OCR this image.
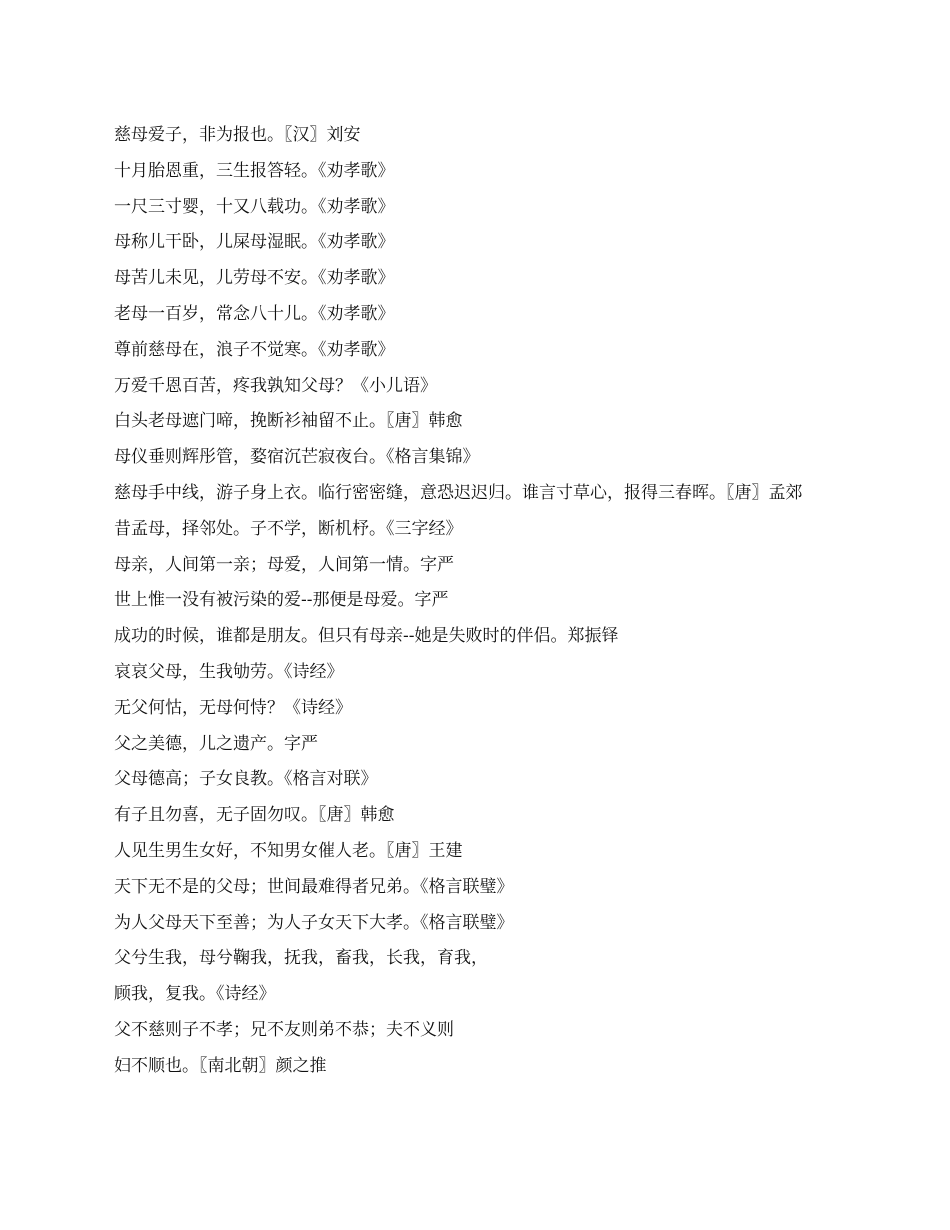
慈母爱子，非为报也。〖汉〗刘安

十月胎恩重，三生报答轻。《劝孝歌》

一尺三寸婴，十又八载功。《劝孝歌》

母称儿干卧，儿屎母湿眠。《劝孝歌》

母苦儿未见，儿劳母不安。《劝孝歌》

老母一百岁，常念八十儿。《劝孝歌》

尊前慈母在，浪子不觉寒。《劝孝歌》

万爱千恩百苦，疼我孰知父母？《小儿语》

白头老母遮门啼，挽断衫袖留不止。〖唐〗韩愈

母仪垂则辉彤管，婺宿沉芒寂夜台。《格言集锦》

慈母手中线，游子身上衣。临行密密缝，意恐迟迟归。谁言寸草心，报得三春晖。〖唐〗孟郊

昔孟母，择邻处。子不学，断机杼。《三字经》

母亲，人间第一亲；母爱，人间第一情。字严

世上惟一没有被污染的爱--那便是母爱。字严

成功的时候，谁都是朋友。但只有母亲--她是失败时的伴侣。郑振铎

哀哀父母，生我劬劳。《诗经》

无父何怙，无母何恃？《诗经》

父之美德，儿之遗产。字严

父母德高；子女良教。《格言对联》

有子且勿喜，无子固勿叹。〖唐〗韩愈

人见生男生女好，不知男女催人老。〖唐〗王建

天下无不是的父母；世间最难得者兄弟。《格言联璧》

为人父母天下至善；为人子女天下大孝。《格言联璧》

父兮生我，母兮鞠我，抚我，畜我，长我，育我，

顾我，复我。《诗经》

父不慈则子不孝；兄不友则弟不恭；夫不义则

妇不顺也。〖南北朝〗颜之推
